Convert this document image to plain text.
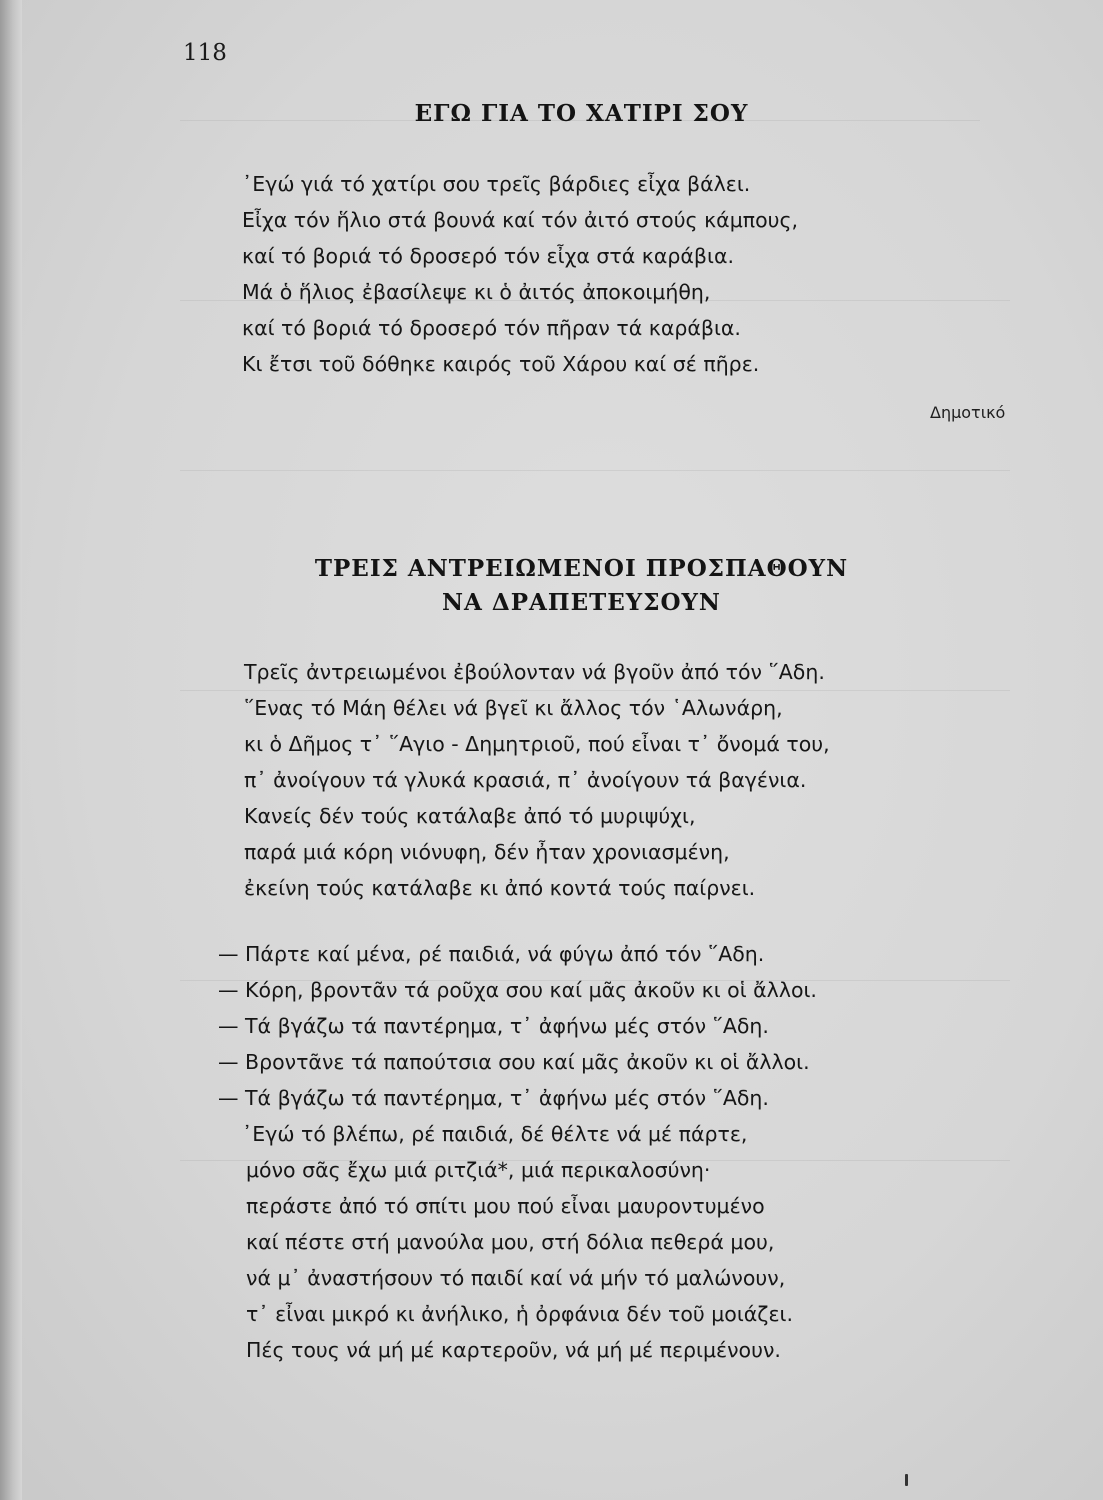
118
ΕΓΩ ΓΙΑ ΤΟ ΧΑΤΙΡΙ ΣΟΥ
᾿Εγώ γιά τό χατίρι σου τρεῖς βάρδιες εἶχα βάλει.
Εἶχα τόν ἥλιο στά βουνά καί τόν ἀιτό στούς κάμπους,
καί τό βοριά τό δροσερό τόν εἶχα στά καράβια.
Μά ὁ ἥλιος ἐβασίλεψε κι ὁ ἀιτός ἀποκοιμήθη,
καί τό βοριά τό δροσερό τόν πῆραν τά καράβια.
Κι ἔτσι τοῦ δόθηκε καιρός τοῦ Χάρου καί σέ πῆρε.
Δημοτικό
ΤΡΕΙΣ ΑΝΤΡΕΙΩΜΕΝΟΙ ΠΡΟΣΠΑΘΟΥΝ
ΝΑ ΔΡΑΠΕΤΕΥΣΟΥΝ
Τρεῖς ἀντρειωμένοι ἐβούλονταν νά βγοῦν ἀπό τόν ῞Αδη.
῞Ενας τό Μάη θέλει νά βγεῖ κι ἄλλος τόν ῾Αλωνάρη,
κι ὁ Δῆμος τ᾿ ῞Αγιο - Δημητριοῦ, πού εἶναι τ᾿ ὄνομά του,
π᾿ ἀνοίγουν τά γλυκά κρασιά, π᾿ ἀνοίγουν τά βαγένια.
Κανείς δέν τούς κατάλαβε ἀπό τό μυριψύχι,
παρά μιά κόρη νιόνυφη, δέν ἦταν χρονιασμένη,
ἐκείνη τούς κατάλαβε κι ἀπό κοντά τούς παίρνει.
— Πάρτε καί μένα, ρέ παιδιά, νά φύγω ἀπό τόν ῞Αδη.
— Κόρη, βροντᾶν τά ροῦχα σου καί μᾶς ἀκοῦν κι οἱ ἄλλοι.
— Τά βγάζω τά παντέρημα, τ᾿ ἀφήνω μές στόν ῞Αδη.
— Βροντᾶνε τά παπούτσια σου καί μᾶς ἀκοῦν κι οἱ ἄλλοι.
— Τά βγάζω τά παντέρημα, τ᾿ ἀφήνω μές στόν ῞Αδη.
᾿Εγώ τό βλέπω, ρέ παιδιά, δέ θέλτε νά μέ πάρτε,
μόνο σᾶς ἔχω μιά ριτζιά*, μιά περικαλοσύνη·
περάστε ἀπό τό σπίτι μου πού εἶναι μαυροντυμένο
καί πέστε στή μανούλα μου, στή δόλια πεθερά μου,
νά μ᾿ ἀναστήσουν τό παιδί καί νά μήν τό μαλώνουν,
τ᾿ εἶναι μικρό κι ἀνήλικο, ἡ ὀρφάνια δέν τοῦ μοιάζει.
Πές τους νά μή μέ καρτεροῦν, νά μή μέ περιμένουν.
